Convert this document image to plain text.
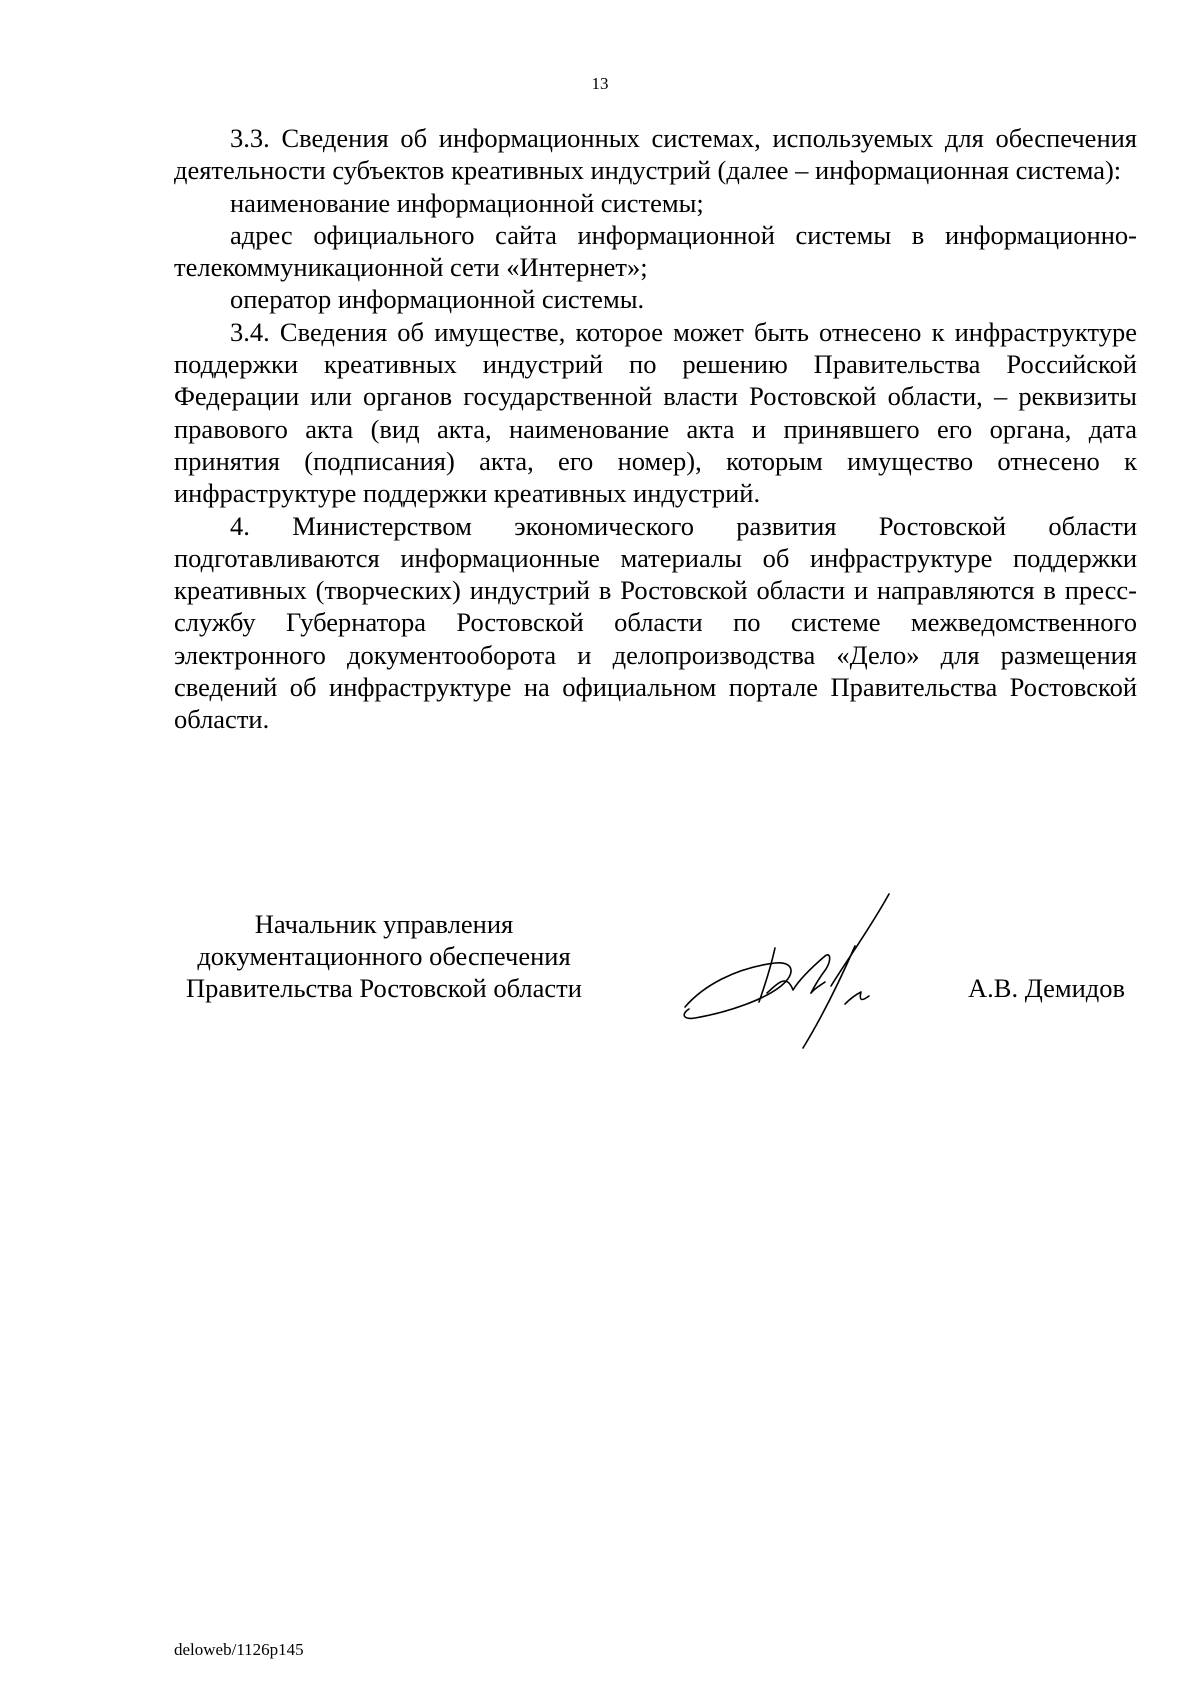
13

3.3. Сведения об информационных системах, используемых для обеспечения деятельности субъектов креативных индустрий (далее – информационная система):

наименование информационной системы;

адрес официального сайта информационной системы в информационно-телекоммуникационной сети «Интернет»;

оператор информационной системы.

3.4. Сведения об имуществе, которое может быть отнесено к инфраструктуре поддержки креативных индустрий по решению Правительства Российской Федерации или органов государственной власти Ростовской области, – реквизиты правового акта (вид акта, наименование акта и принявшего его органа, дата принятия (подписания) акта, его номер), которым имущество отнесено к инфраструктуре поддержки креативных индустрий.

4. Министерством экономического развития Ростовской области подготавливаются информационные материалы об инфраструктуре поддержки креативных (творческих) индустрий в Ростовской области и направляются в пресс-службу Губернатора Ростовской области по системе межведомственного электронного документооборота и делопроизводства «Дело» для размещения сведений об инфраструктуре на официальном портале Правительства Ростовской области.

Начальник управления
документационного обеспечения
Правительства Ростовской области	А.В. Демидов
deloweb/1126р145
